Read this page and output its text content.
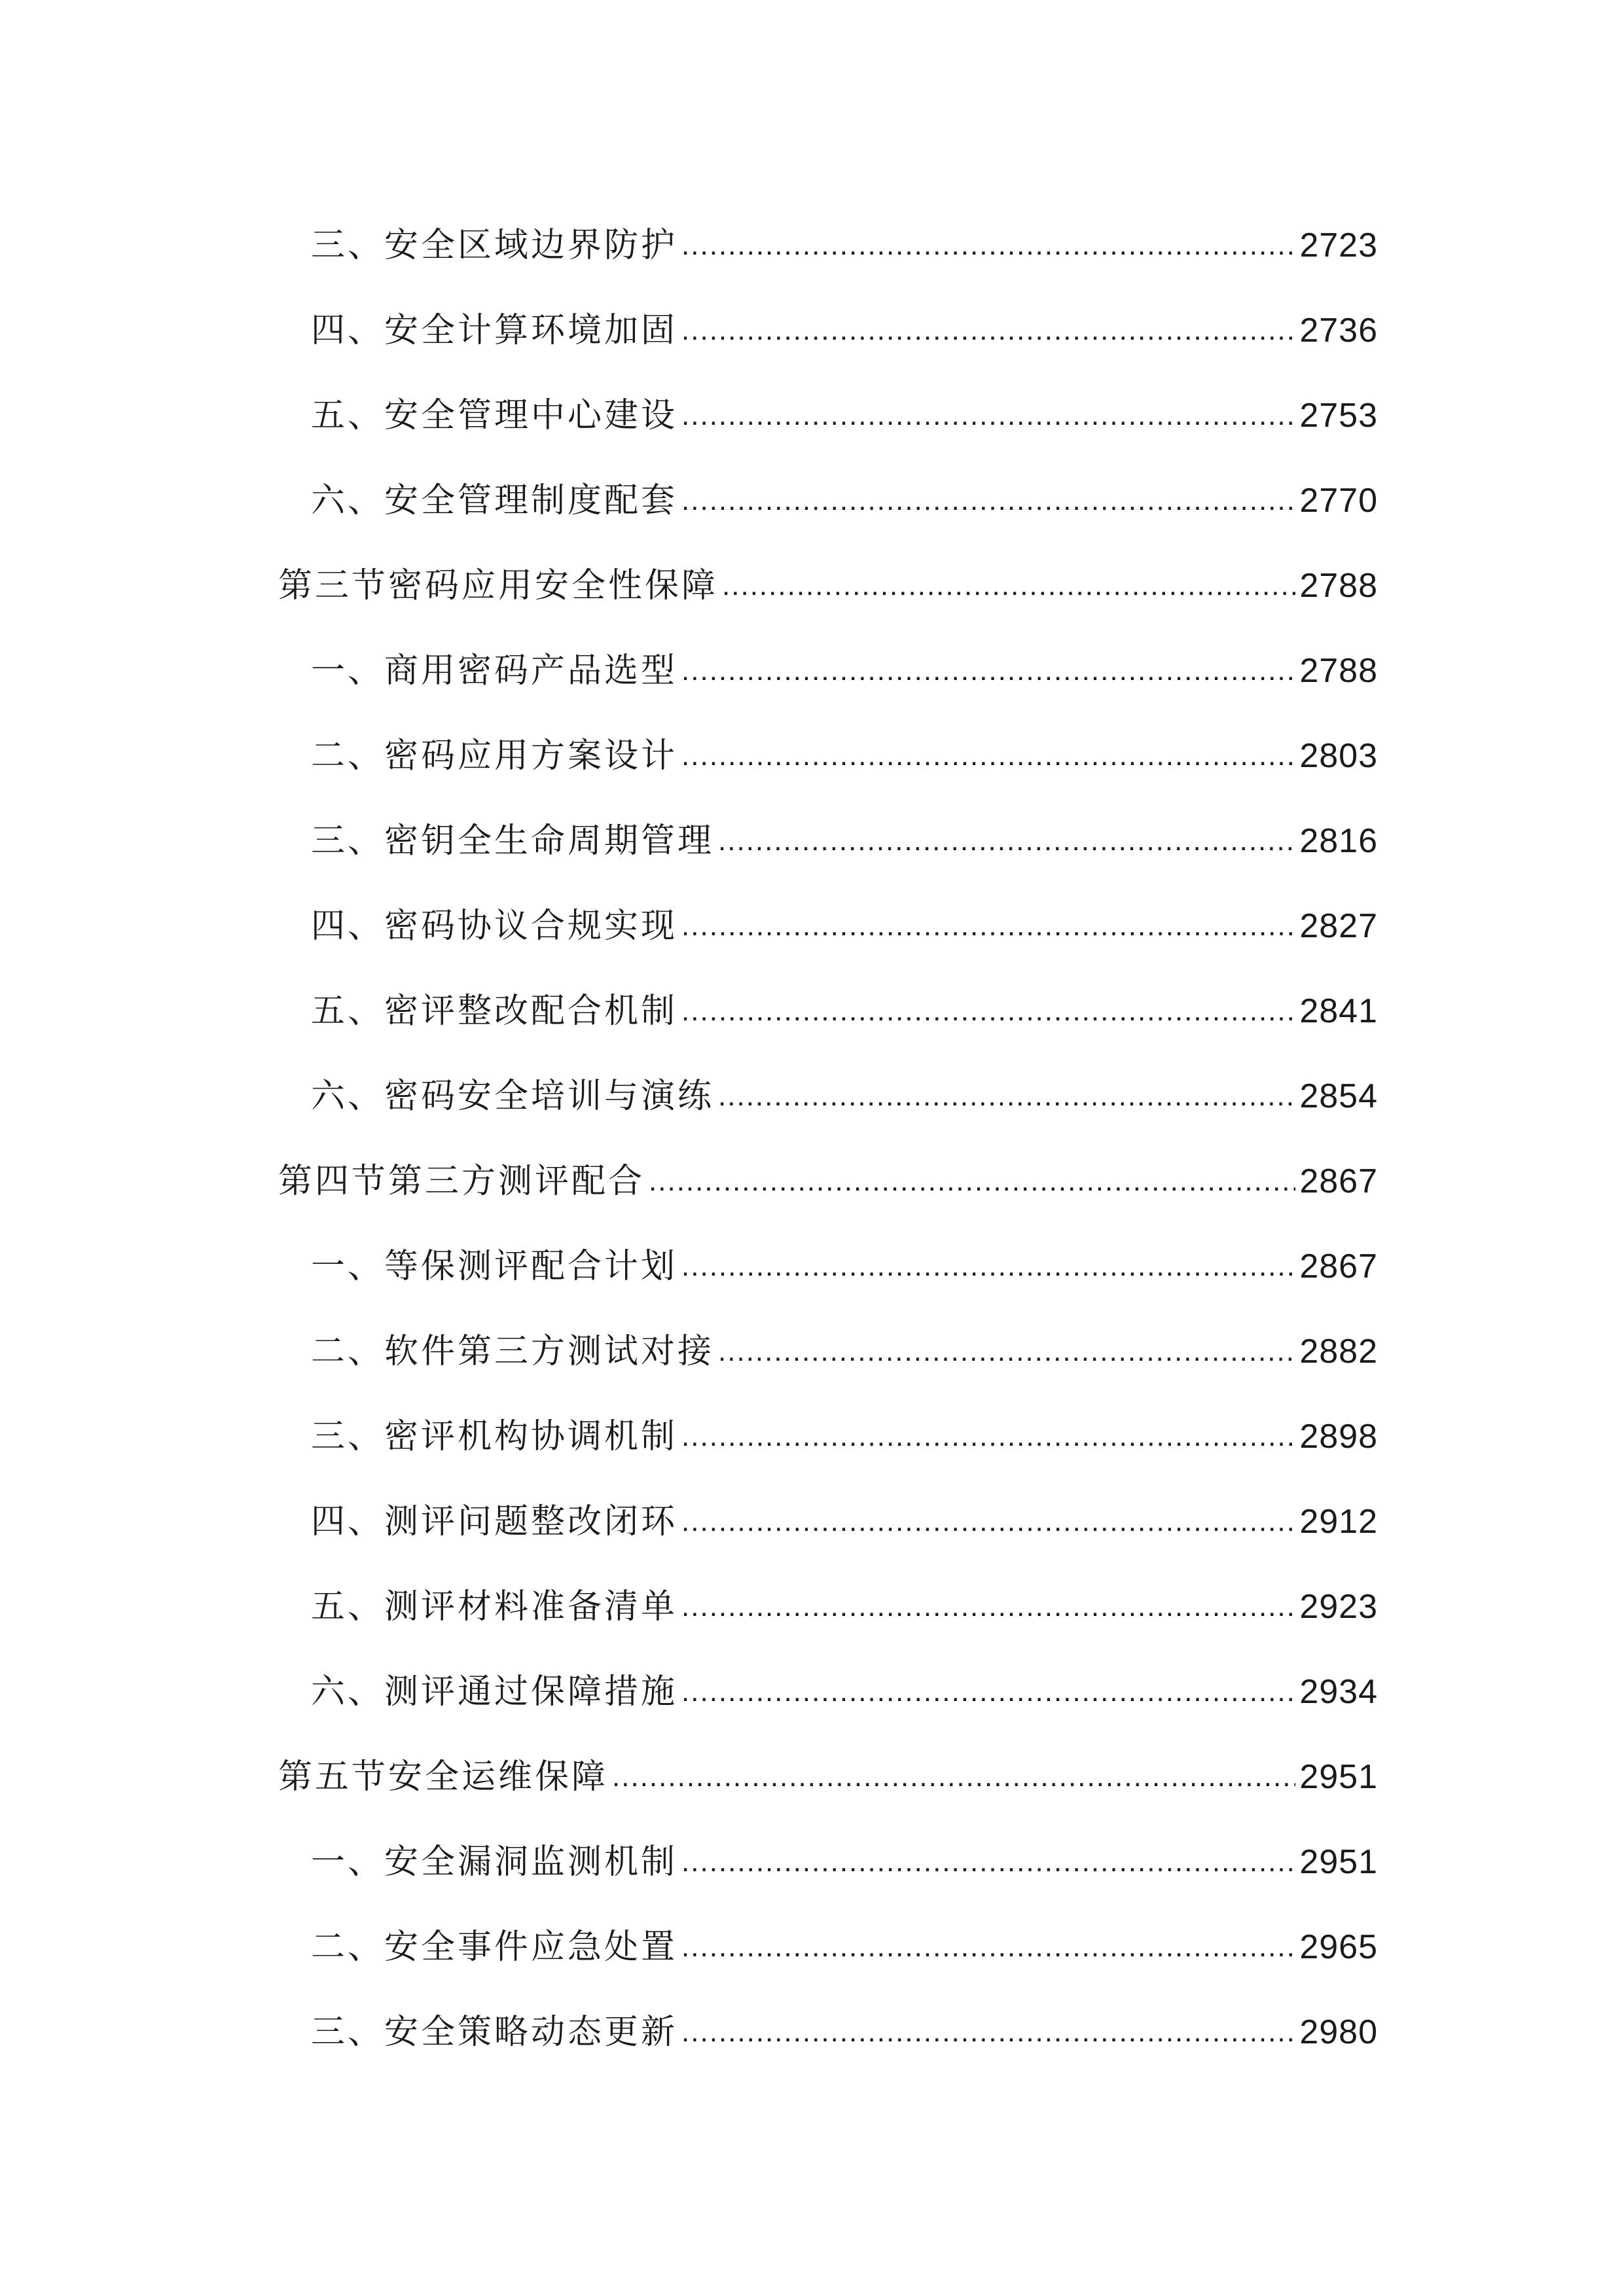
三、安全区域边界防护 .....	2723
四、安全计算环境加固 .....	2736
五、安全管理中心建设 .....	2753
六、安全管理制度配套 .....	2770
第三节密码应用安全性保障 .....	2788
一、商用密码产品选型 .....	2788
二、密码应用方案设计 .....	2803
三、密钥全生命周期管理 .....	2816
四、密码协议合规实现 .....	2827
五、密评整改配合机制 .....	2841
六、密码安全培训与演练 .....	2854
第四节第三方测评配合 .....	2867
一、等保测评配合计划 .....	2867
二、软件第三方测试对接 .....	2882
三、密评机构协调机制 .....	2898
四、测评问题整改闭环 .....	2912
五、测评材料准备清单 .....	2923
六、测评通过保障措施 .....	2934
第五节安全运维保障 .....	2951
一、安全漏洞监测机制 .....	2951
二、安全事件应急处置 .....	2965
三、安全策略动态更新 .....	2980
